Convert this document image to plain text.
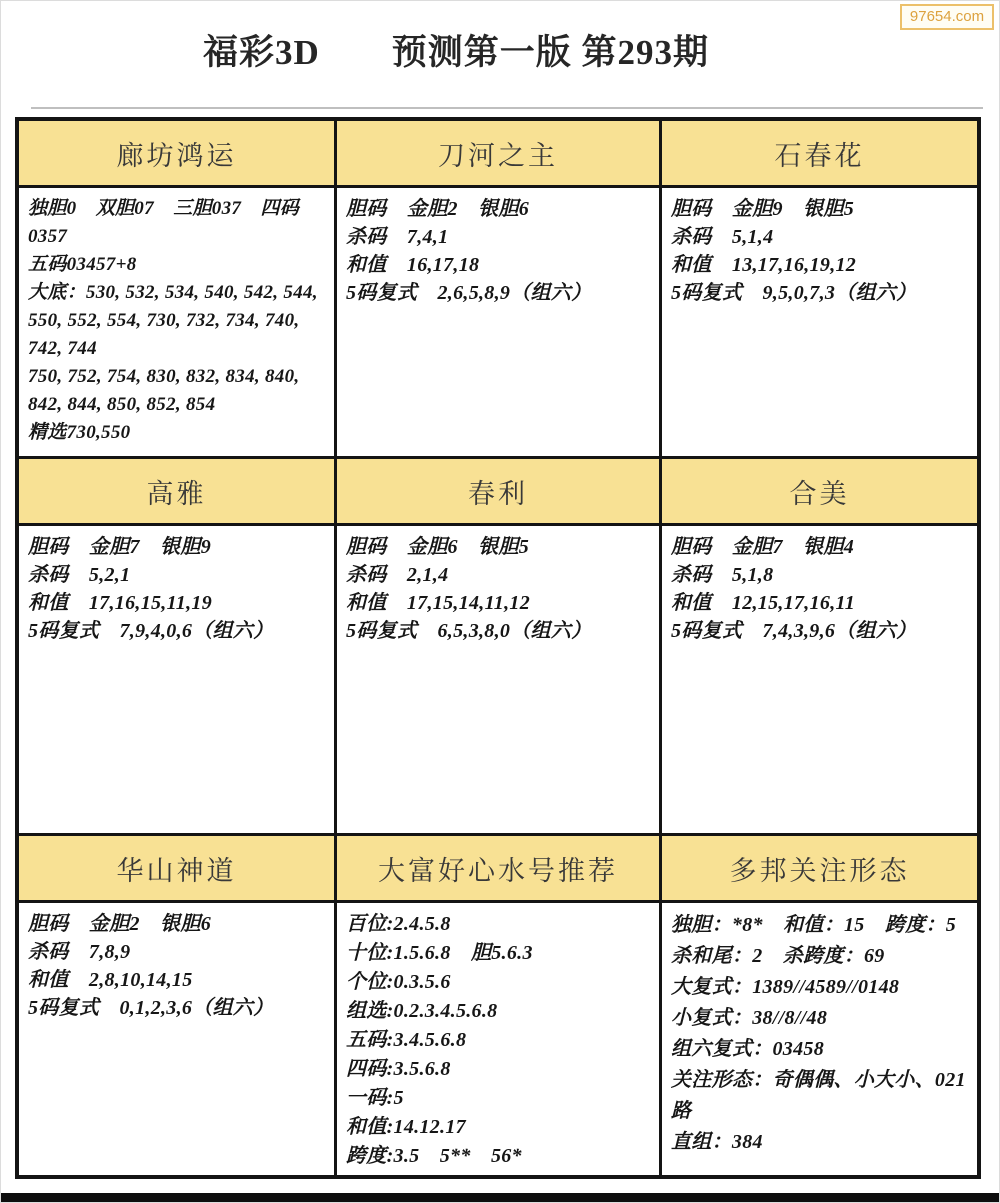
97654.com
福彩3D　　预测第一版 第293期
廊坊鸿运
独胆0　双胆07　三胆037　四码0357
五码03457+8
大底：530, 532, 534, 540, 542, 544, 550, 552, 554, 730, 732, 734, 740, 742, 744
750, 752, 754, 830, 832, 834, 840, 842, 844, 850, 852, 854
精选730,550
刀河之主
胆码　金胆2　银胆6
杀码　7,4,1
和值　16,17,18
5码复式　2,6,5,8,9（组六）
石春花
胆码　金胆9　银胆5
杀码　5,1,4
和值　13,17,16,19,12
5码复式　9,5,0,7,3（组六）
高雅
胆码　金胆7　银胆9
杀码　5,2,1
和值　17,16,15,11,19
5码复式　7,9,4,0,6（组六）
春利
胆码　金胆6　银胆5
杀码　2,1,4
和值　17,15,14,11,12
5码复式　6,5,3,8,0（组六）
合美
胆码　金胆7　银胆4
杀码　5,1,8
和值　12,15,17,16,11
5码复式　7,4,3,9,6（组六）
华山神道
胆码　金胆2　银胆6
杀码　7,8,9
和值　2,8,10,14,15
5码复式　0,1,2,3,6（组六）
大富好心水号推荐
百位:2.4.5.8
十位:1.5.6.8　胆5.6.3
个位:0.3.5.6
组选:0.2.3.4.5.6.8
五码:3.4.5.6.8
四码:3.5.6.8
一码:5
和值:14.12.17
跨度:3.5　5**　56*
多邦关注形态
独胆：*8*　和值：15　跨度：5　杀和尾：2　杀跨度：69
大复式：1389//4589//0148
小复式：38//8//48
组六复式：03458
关注形态：奇偶偶、小大小、021路
直组：384
